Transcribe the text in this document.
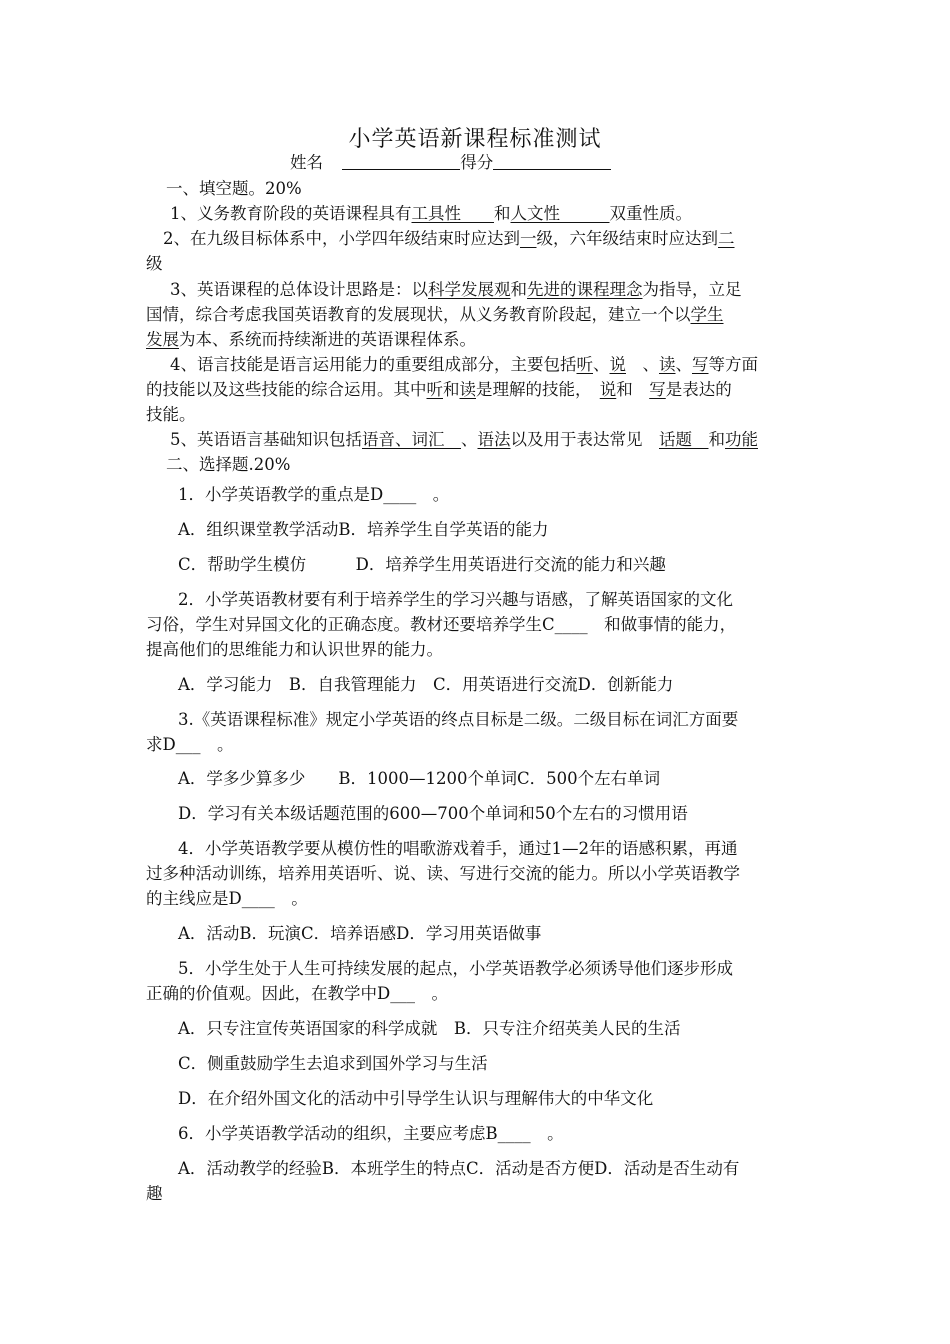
小学英语新课程标准测试
姓名	得分
一、填空题。20%
1、义务教育阶段的英语课程具有工具性　　 和人文性　　　	双重性质。
2、在九级目标体系中，小学四年级结束时应达到一级，六年级结束时应达到二
级
3、英语课程的总体设计思路是：以科学发展观和先进的课程理念为指导，立足
国情，综合考虑我国英语教育的发展现状，从义务教育阶段起，建立一个以学生
发展为本、系统而持续渐进的英语课程体系。
4、语言技能是语言运用能力的重要组成部分，主要包括听、说　 、读、写等方面
的技能以及这些技能的综合运用。其中听和读是理解的技能，　 说和　 写是表达的
技能。
5、英语语言基础知识包括语音、词汇　 、语法以及用于表达常见　 话题　 和功能
二、选择题.20%
1．小学英语教学的重点是D____　。
A．组织课堂教学活动B．培养学生自学英语的能力
C．帮助学生模仿　　　D．培养学生用英语进行交流的能力和兴趣
2．小学英语教材要有利于培养学生的学习兴趣与语感，了解英语国家的文化
习俗，学生对异国文化的正确态度。教材还要培养学生C____　和做事情的能力，
提高他们的思维能力和认识世界的能力。
A．学习能力　B．自我管理能力　C．用英语进行交流D．创新能力
3.《英语课程标准》规定小学英语的终点目标是二级。二级目标在词汇方面要
求D___　。
A．学多少算多少　　B．1000—1200个单词C．500个左右单词
D．学习有关本级话题范围的600—700个单词和50个左右的习惯用语
4．小学英语教学要从模仿性的唱歌游戏着手，通过1—2年的语感积累，再通
过多种活动训练，培养用英语听、说、读、写进行交流的能力。所以小学英语教学
的主线应是D____　。
A．活动B．玩演C．培养语感D．学习用英语做事
5．小学生处于人生可持续发展的起点，小学英语教学必须诱导他们逐步形成
正确的价值观。因此，在教学中D___　。
A．只专注宣传英语国家的科学成就　B．只专注介绍英美人民的生活
C．侧重鼓励学生去追求到国外学习与生活
D．在介绍外国文化的活动中引导学生认识与理解伟大的中华文化
6．小学英语教学活动的组织，主要应考虑B____　。
A．活动教学的经验B．本班学生的特点C．活动是否方便D．活动是否生动有
趣
